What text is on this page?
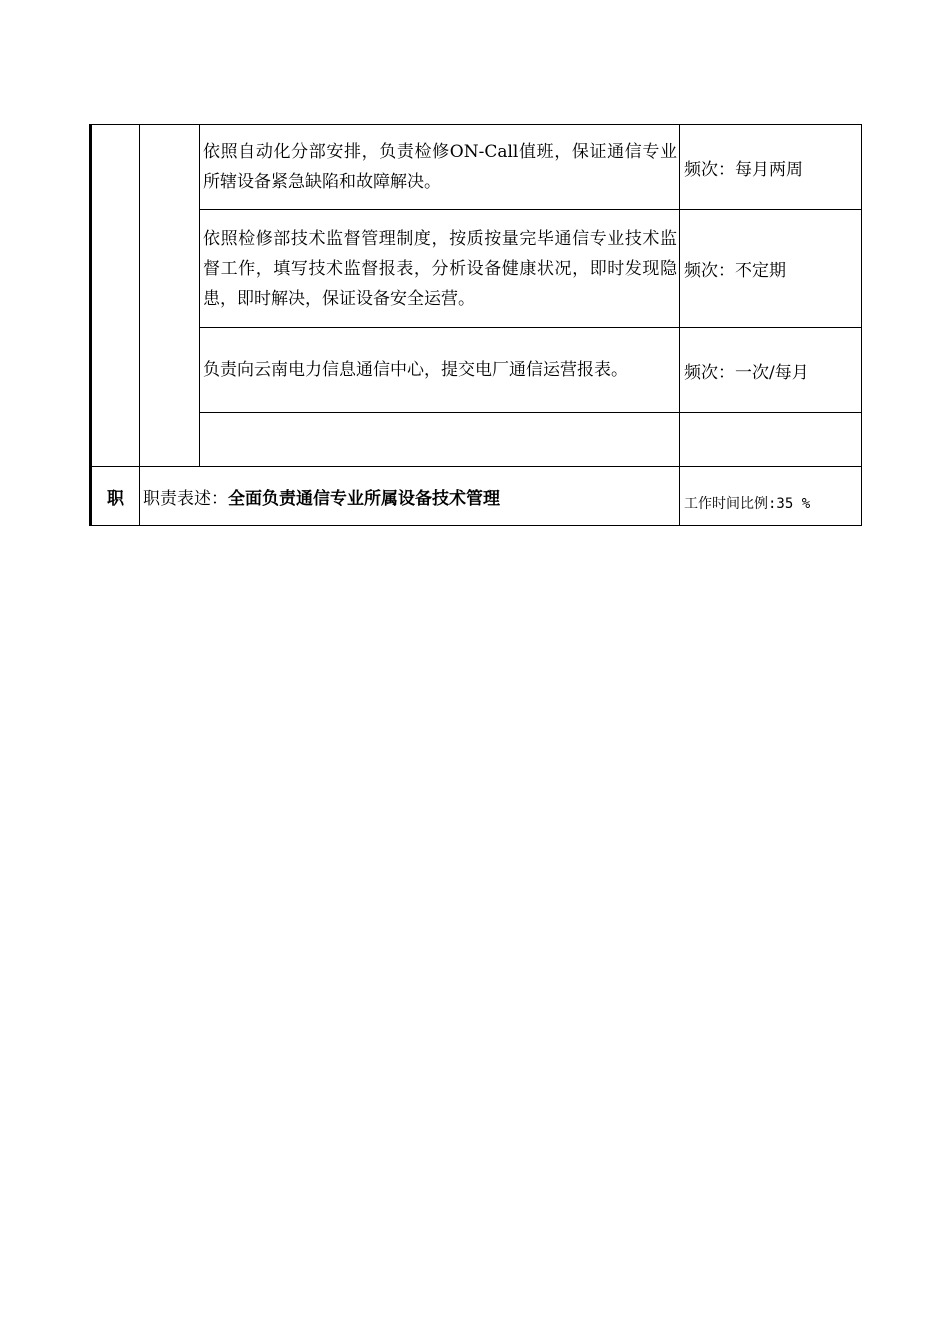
		依照自动化分部安排，负责检修ON-Call值班，保证通信专业所辖设备紧急缺陷和故障解决。	频次：每月两周
		依照检修部技术监督管理制度，按质按量完毕通信专业技术监督工作，填写技术监督报表，分析设备健康状况，即时发现隐患，即时解决，保证设备安全运营。	频次：不定期
		负责向云南电力信息通信中心，提交电厂通信运营报表。	频次：一次/每月

职	职责表述：全面负责通信专业所属设备技术管理		工作时间比例:35 %
